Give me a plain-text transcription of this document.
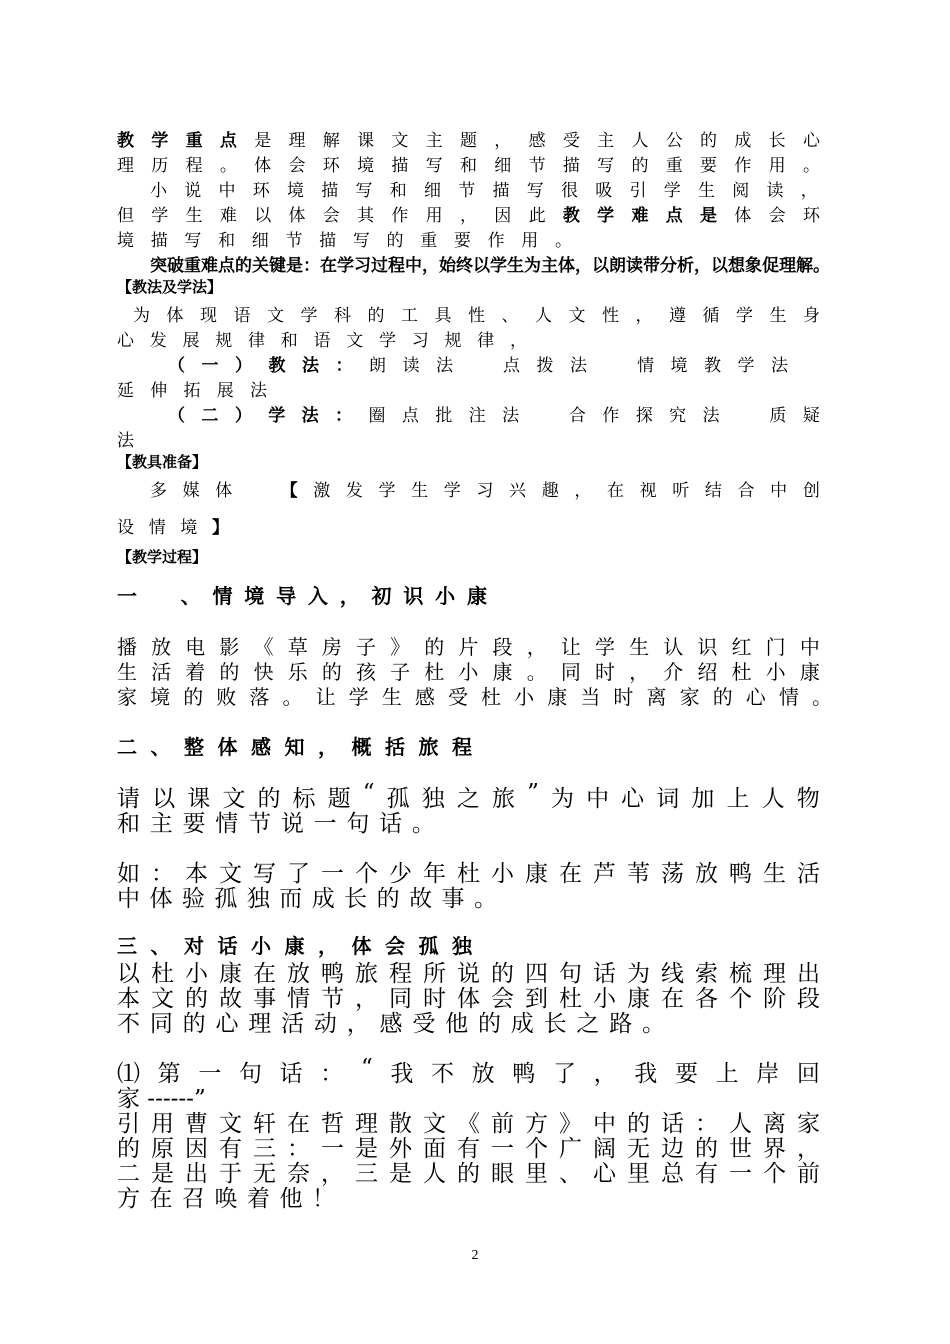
教 学 重 点 是 理 解 课 文 主 题 ， 感 受 主 人 公 的 成 长 心
理 历 程 。 体 会 环 境 描 写 和 细 节 描 写 的 重 要 作 用 。
小 说 中 环 境 描 写 和 细 节 描 写 很 吸 引 学 生 阅 读 ，
但 学 生 难 以 体 会 其 作 用 ， 因 此 教 学 难 点 是 体 会 环
境 描 写 和 细 节 描 写 的 重 要 作 用 。
突破重难点的关键是：在学习过程中，始终以学生为主体，以朗读带分析，以想象促理解。
【教法及学法】
为 体 现 语 文 学 科 的 工 具 性 、 人 文 性 ， 遵 循 学 生 身
心 发 展 规 律 和 语 文 学 习 规 律 ，
（ 一 ） 教 法 ： 朗 读 法
　	点 拨 法
　	情 境 教 学 法
延 伸 拓 展 法
（ 二 ） 学 法 ： 圈 点 批 注 法
　	合 作 探 究 法
　	质 疑
法
【教具准备】
多 媒 体
　	【 激 发 学 生 学 习 兴 趣 ， 在 视 听 结 合 中 创
设 情 境 】
【教学过程】
一
　 、 情 境 导 入 ， 初 识 小 康
播 放 电 影 《 草 房 子 》 的 片 段 ， 让 学 生 认 识 红 门 中
生 活 着 的 快 乐 的 孩 子 杜 小 康 。 同 时 ， 介 绍 杜 小 康
家 境 的 败 落 。 让 学 生 感 受 杜 小 康 当 时 离 家 的 心 情 。
二 、 整 体 感 知 ， 概 括 旅 程
请 以 课 文 的 标 题 “ 孤 独 之 旅 ” 为 中 心 词 加 上 人 物
和 主 要 情 节 说 一 句 话 。
如 ： 本 文 写 了 一 个 少 年 杜 小 康 在 芦 苇 荡 放 鸭 生 活
中 体 验 孤 独 而 成 长 的 故 事 。
三 、 对 话 小 康 ， 体 会 孤 独
以 杜 小 康 在 放 鸭 旅 程 所 说 的 四 句 话 为 线 索 梳 理 出
本 文 的 故 事 情 节 ， 同 时 体 会 到 杜 小 康 在 各 个 阶 段
不 同 的 心 理 活 动 ， 感 受 他 的 成 长 之 路 。
⑴ 第 一 句 话 ： “ 我 不 放 鸭 了 ， 我 要 上 岸 回
家 ------”
引 用 曹 文 轩 在 哲 理 散 文 《 前 方 》 中 的 话 ： 人 离 家
的 原 因 有 三 ： 一 是 外 面 有 一 个 广 阔 无 边 的 世 界 ，
二 是 出 于 无 奈 ， 三 是 人 的 眼 里 、 心 里 总 有 一 个 前
方 在 召 唤 着 他 ！
2
